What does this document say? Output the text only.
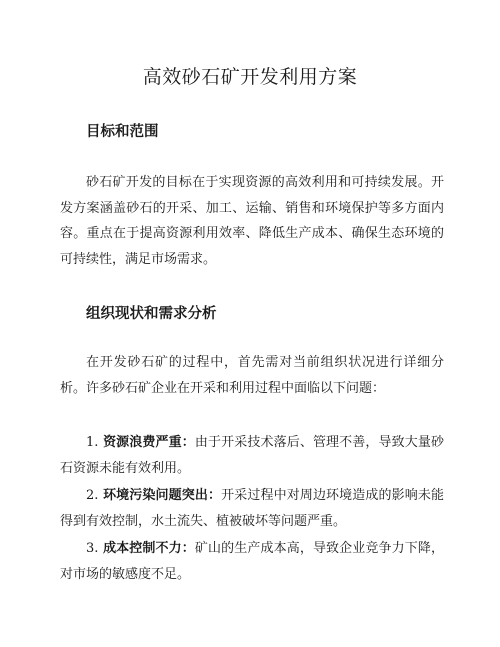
高效砂石矿开发利用方案
目标和范围

砂石矿开发的目标在于实现资源的高效利用和可持续发展。开发方案涵盖砂石的开采、加工、运输、销售和环境保护等多方面内容。重点在于提高资源利用效率、降低生产成本、确保生态环境的可持续性，满足市场需求。

组织现状和需求分析

在开发砂石矿的过程中，首先需对当前组织状况进行详细分析。许多砂石矿企业在开采和利用过程中面临以下问题：

1. 资源浪费严重：由于开采技术落后、管理不善，导致大量砂石资源未能有效利用。

2. 环境污染问题突出：开采过程中对周边环境造成的影响未能得到有效控制，水土流失、植被破坏等问题严重。

3. 成本控制不力：矿山的生产成本高，导致企业竞争力下降，对市场的敏感度不足。
